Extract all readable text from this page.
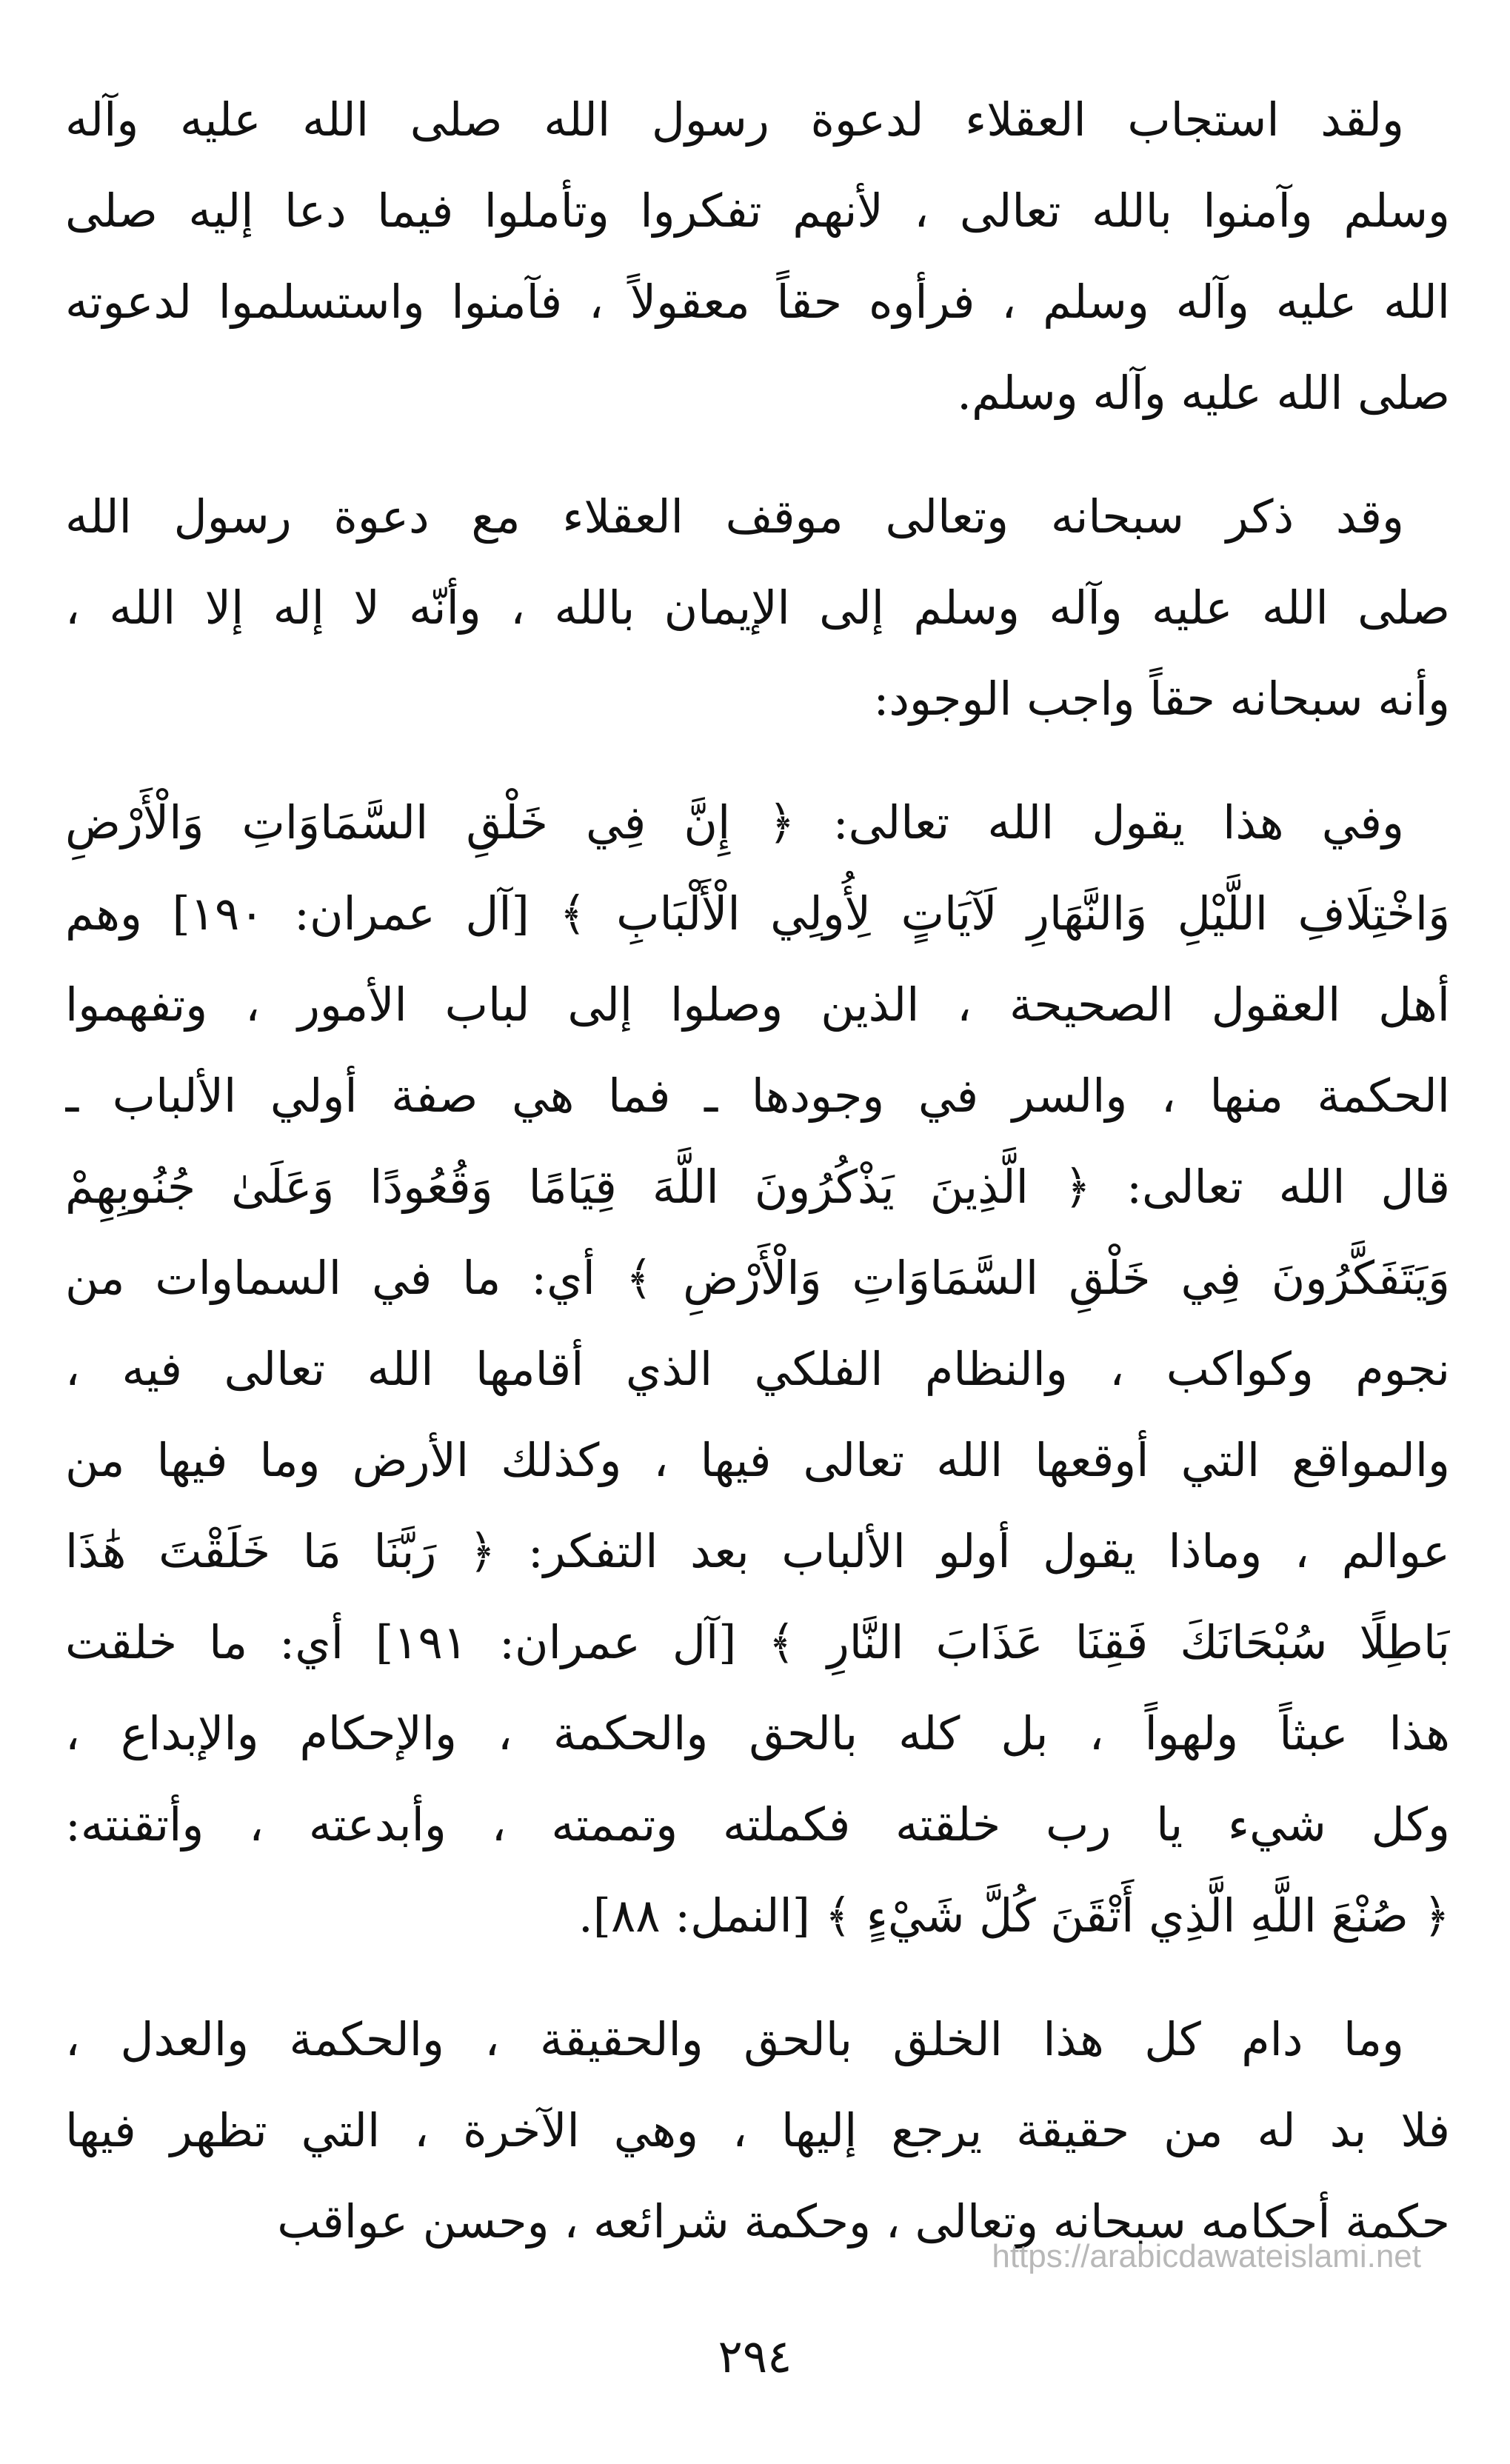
ولقد استجاب العقلاء لدعوة رسول الله صلى الله عليه وآله
وسلم وآمنوا بالله تعالى ، لأنهم تفكروا وتأملوا فيما دعا إليه صلى
الله عليه وآله وسلم ، فرأوه حقاً معقولاً ، فآمنوا واستسلموا لدعوته
صلى الله عليه وآله وسلم.
وقد ذكر سبحانه وتعالى موقف العقلاء مع دعوة رسول الله
صلى الله عليه وآله وسلم إلى الإيمان بالله ، وأنّه لا إله إلا الله ،
وأنه سبحانه حقاً واجب الوجود:
وفي هذا يقول الله تعالى: ﴿ إِنَّ فِي خَلْقِ السَّمَاوَاتِ وَالْأَرْضِ
وَاخْتِلَافِ اللَّيْلِ وَالنَّهَارِ لَآيَاتٍ لِأُولِي الْأَلْبَابِ ﴾ [آل عمران: ١٩٠] وهم
أهل العقول الصحيحة ، الذين وصلوا إلى لباب الأمور ، وتفهموا
الحكمة منها ، والسر في وجودها ـ فما هي صفة أولي الألباب ـ
قال الله تعالى: ﴿ الَّذِينَ يَذْكُرُونَ اللَّهَ قِيَامًا وَقُعُودًا وَعَلَىٰ جُنُوبِهِمْ
وَيَتَفَكَّرُونَ فِي خَلْقِ السَّمَاوَاتِ وَالْأَرْضِ ﴾ أي: ما في السماوات من
نجوم وكواكب ، والنظام الفلكي الذي أقامها الله تعالى فيه ،
والمواقع التي أوقعها الله تعالى فيها ، وكذلك الأرض وما فيها من
عوالم ، وماذا يقول أولو الألباب بعد التفكر: ﴿ رَبَّنَا مَا خَلَقْتَ هَٰذَا
بَاطِلًا سُبْحَانَكَ فَقِنَا عَذَابَ النَّارِ ﴾ [آل عمران: ١٩١] أي: ما خلقت
هذا عبثاً ولهواً ، بل كله بالحق والحكمة ، والإحكام والإبداع ،
وكل شيء يا رب خلقته فكملته وتممته ، وأبدعته ، وأتقنته:
﴿ صُنْعَ اللَّهِ الَّذِي أَتْقَنَ كُلَّ شَيْءٍ ﴾ [النمل: ٨٨].
وما دام كل هذا الخلق بالحق والحقيقة ، والحكمة والعدل ،
فلا بد له من حقيقة يرجع إليها ، وهي الآخرة ، التي تظهر فيها
حكمة أحكامه سبحانه وتعالى ، وحكمة شرائعه ، وحسن عواقب
https://arabicdawateislami.net
٢٩٤
